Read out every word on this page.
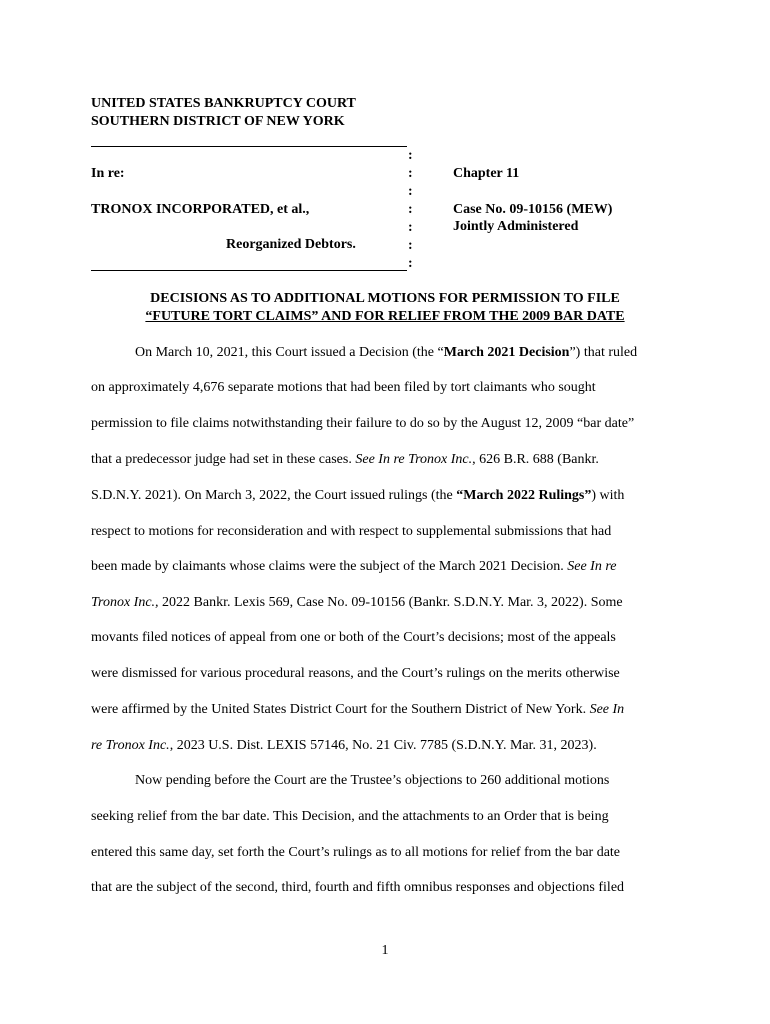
UNITED STATES BANKRUPTCY COURT
SOUTHERN DISTRICT OF NEW YORK
:
:
:
:
:
:
:
In re:
TRONOX INCORPORATED, et al.,
Reorganized Debtors.
Chapter 11
Case No. 09-10156 (MEW)
Jointly Administered
DECISIONS AS TO ADDITIONAL MOTIONS FOR PERMISSION TO FILE
“FUTURE TORT CLAIMS” AND FOR RELIEF FROM THE 2009 BAR DATE
On March 10, 2021, this Court issued a Decision (the “March 2021 Decision”) that ruled
on approximately 4,676 separate motions that had been filed by tort claimants who sought
permission to file claims notwithstanding their failure to do so by the August 12, 2009 “bar date”
that a predecessor judge had set in these cases. See In re Tronox Inc., 626 B.R. 688 (Bankr.
S.D.N.Y. 2021). On March 3, 2022, the Court issued rulings (the “March 2022 Rulings”) with
respect to motions for reconsideration and with respect to supplemental submissions that had
been made by claimants whose claims were the subject of the March 2021 Decision. See In re
Tronox Inc., 2022 Bankr. Lexis 569, Case No. 09-10156 (Bankr. S.D.N.Y. Mar. 3, 2022). Some
movants filed notices of appeal from one or both of the Court’s decisions; most of the appeals
were dismissed for various procedural reasons, and the Court’s rulings on the merits otherwise
were affirmed by the United States District Court for the Southern District of New York. See In
re Tronox Inc., 2023 U.S. Dist. LEXIS 57146, No. 21 Civ. 7785 (S.D.N.Y. Mar. 31, 2023).
Now pending before the Court are the Trustee’s objections to 260 additional motions
seeking relief from the bar date. This Decision, and the attachments to an Order that is being
entered this same day, set forth the Court’s rulings as to all motions for relief from the bar date
that are the subject of the second, third, fourth and fifth omnibus responses and objections filed
1
